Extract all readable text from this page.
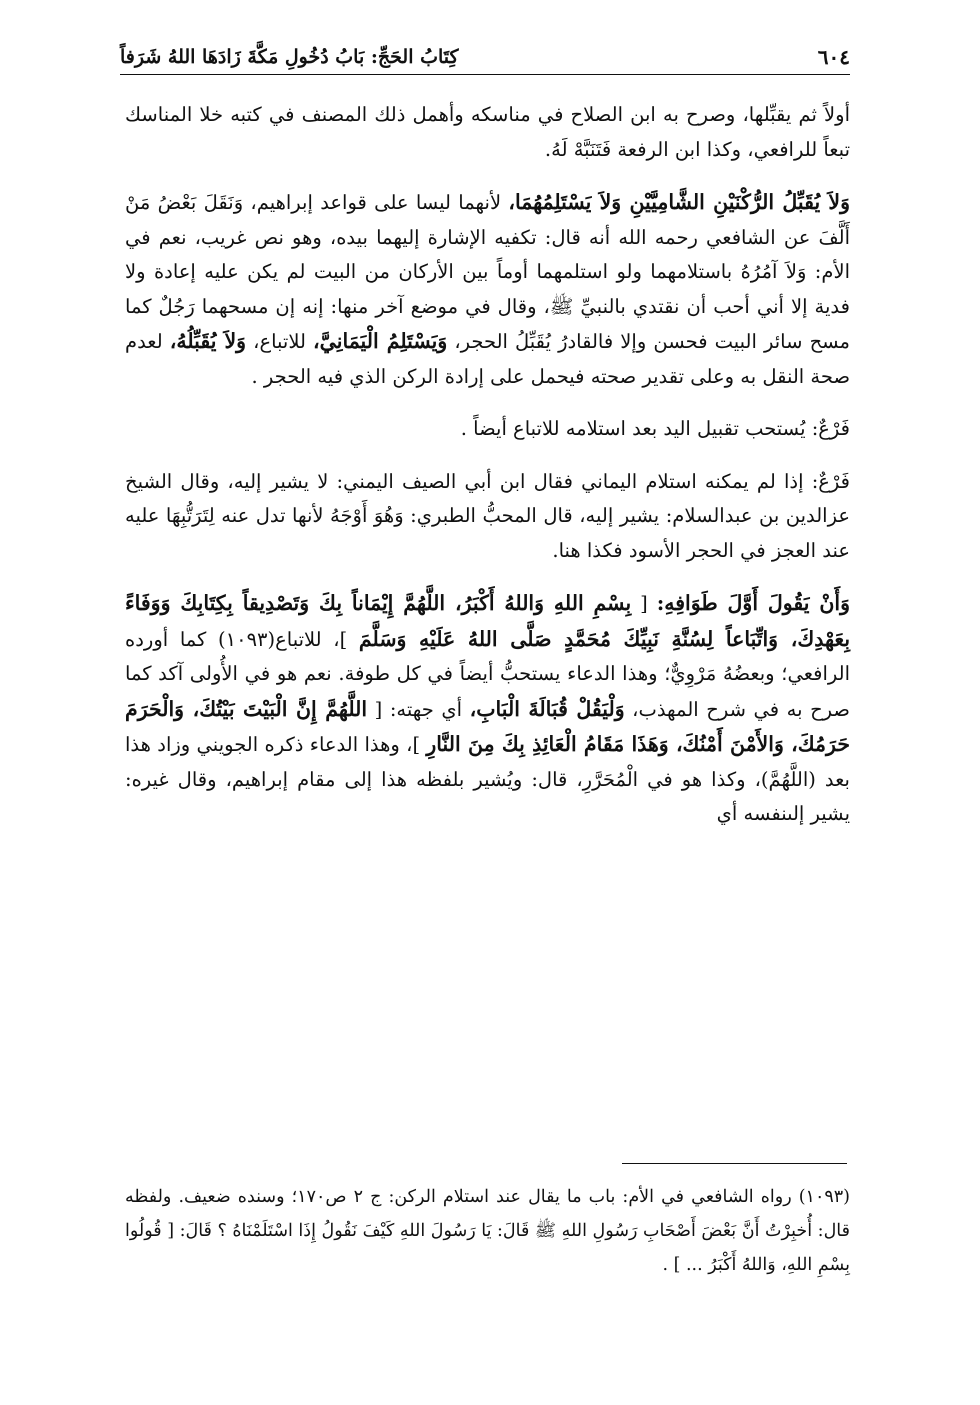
٦٠٤
كِتَابُ الحَجِّ: بَابُ دُخُولِ مَكَّةَ زَادَهَا اللهُ شَرَفاً

أولاً ثم يقبِّلها، وصرح به ابن الصلاح في مناسكه وأهمل ذلك المصنف في كتبه خلا المناسك تبعاً للرافعي، وكذا ابن الرفعة فَتَنَبَّهْ لَهُ.

وَلاَ يُقَبِّلُ الرُّكْنَيْنِ الشَّامِيَّيْنِ وَلاَ يَسْتَلِمُهُمَا، لأنهما ليسا على قواعد إبراهيم، وَنَقَلَ بَعْضُ مَنْ أَلَّفَ عن الشافعي رحمه الله أنه قال: تكفيه الإشارة إليهما بيده، وهو نص غريب، نعم في الأم: وَلاَ آمُرُهُ باستلامهما ولو استلمهما أوماً بين الأركان من البيت لم يكن عليه إعادة ولا فدية إلا أني أحب أن نقتدي بالنبيِّ ﷺ، وقال في موضع آخر منها: إنه إن مسحهما رَجُلٌ كما مسح سائر البيت فحسن وإلا فالقادرُ يُقَبِّلُ الحجر، وَيَسْتَلِمُ الْيَمَانِيَّ، للاتباع، وَلاَ يُقَبِّلُهُ، لعدم صحة النقل به وعلى تقدير صحته فيحمل على إرادة الركن الذي فيه الحجر .

فَرْعٌ: يُستحب تقبيل اليد بعد استلامه للاتباع أيضاً .

فَرْعٌ: إذا لم يمكنه استلام اليماني فقال ابن أبي الصيف اليمني: لا يشير إليه، وقال الشيخ عزالدين بن عبدالسلام: يشير إليه، قال المحبُّ الطبري: وَهُوَ أَوْجَهُ لأنها تدل عنه لِتَرَتُّبِهَا عليه عند العجز في الحجر الأسود فكذا هنا.

وَأَنْ يَقُولَ أَوَّلَ طَوَافِهِ: [ بِسْمِ اللهِ وَاللهُ أَكْبَرُ، اللَّهُمَّ إِيْمَاناً بِكَ وَتَصْدِيقاً بِكِتَابِكَ وَوَفَاءً بِعَهْدِكَ، وَاتِّبَاعاً لِسُنَّةِ نَبِيِّكَ مُحَمَّدٍ صَلَّى اللهُ عَلَيْهِ وَسَلَّمَ ]، للاتباع(١٠٩٣) كما أورده الرافعي؛ وبعضُهُ مَرْوِيٌّ؛ وهذا الدعاء يستحبُّ أيضاً في كل طوفة. نعم هو في الأُولى آكد كما صرح به في شرح المهذب، وَلْيَقُلْ قُبَالَةَ الْبَابِ، أي جهته: [ اللَّهُمَّ إِنَّ الْبَيْتَ بَيْتُكَ، وَالْحَرَمَ حَرَمُكَ، وَالأَمْنَ أَمْنُكَ، وَهَذَا مَقَامُ الْعَائِذِ بِكَ مِنَ النَّارِ ]، وهذا الدعاء ذكره الجويني وزاد هذا بعد (اللَّهُمَّ)، وكذا هو في الْمُحَرَّرِ، قال: ويُشير بلفظه هذا إلى مقام إبراهيم، وقال غيره: يشير إلىنفسه أي

(١٠٩٣) رواه الشافعي في الأم: باب ما يقال عند استلام الركن: ج ٢ ص١٧٠؛ وسنده ضعيف. ولفظه قال: أُخبِرْتُ أَنَّ بَعْضَ أَصْحَابِ رَسُولِ اللهِ ﷺ قَالَ: يَا رَسُولَ اللهِ كَيْفَ نَقُولُ إِذَا اسْتَلَمْنَاهُ ؟ قَالَ: [ قُولُوا بِسْمِ اللهِ، وَاللهُ أَكْبَرُ ... ] .
